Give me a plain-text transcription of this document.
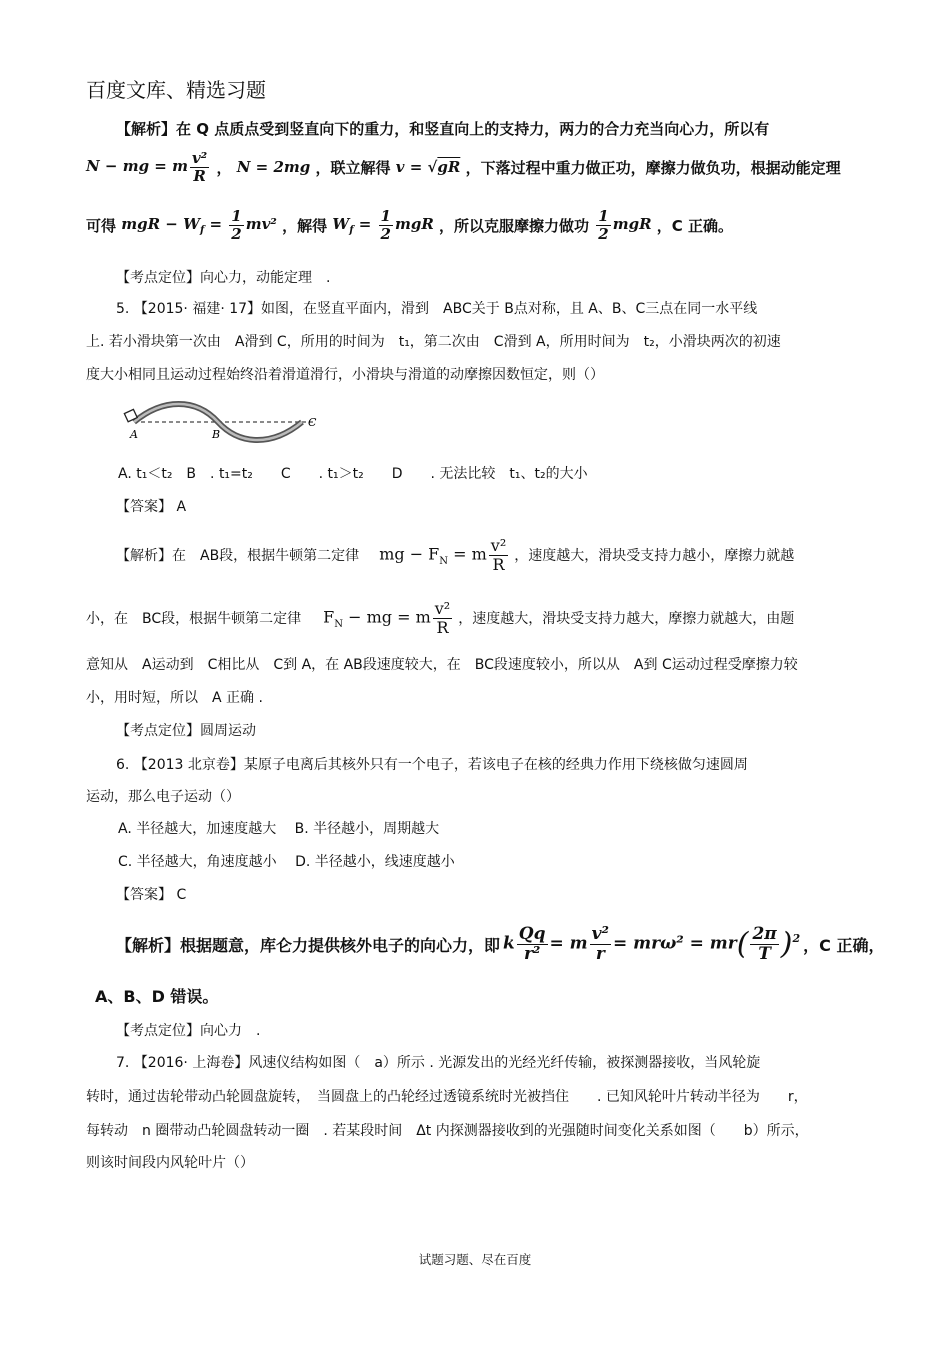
百度文库、精选习题
【解析】在 Q 点质点受到竖直向下的重力，和竖直向上的支持力，两力的合力充当向心力，所以有
N − mg = m $\frac{\text{v²}}{R}$ ， N = 2mg ，联立解得 v = √gR ，下落过程中重力做正功，摩擦力做负功，根据动能定理
可得 mgR − $W_f = \frac{1}{2} mv^2$ ，解得 $W_f = \frac{1}{2}$ mgR ，所以克服摩擦力做功 $\frac{1}{2}$ mgR ，C 正确。
【考点定位】向心力，动能定理　.
5. 【2015· 福建· 17】如图，在竖直平面内，滑到　ABC关于 B点对称，且 A、B、C三点在同一水平线
上. 若小滑块第一次由　A滑到 C，所用的时间为　t₁，第二次由　C滑到 A，所用时间为　t₂，小滑块两次的初速
度大小相同且运动过程始终沿着滑道滑行，小滑块与滑道的动摩擦因数恒定，则（）
A	B
C
A. t₁＜t₂　B　. t₁=t₂　　C　　. t₁＞t₂　　D　　. 无法比较　t₁、t₂的大小
【答案】 A
【解析】在　AB段，根据牛顿第二定律 mg − $F_N = m \frac{\text{v²}}{R}$ ，速度越大，滑块受支持力越小，摩擦力就越
小，在　BC段，根据牛顿第二定律 $F_N$ − mg = m $\frac{\text{v²}}{R}$ ，速度越大，滑块受支持力越大，摩擦力就越大，由题
意知从　A运动到　C相比从　C到 A，在 AB段速度较大，在　BC段速度较小，所以从　A到 C运动过程受摩擦力较
小，用时短，所以　A 正确 .
【考点定位】圆周运动
6. 【2013 北京卷】某原子电离后其核外只有一个电子，若该电子在核的经典力作用下绕核做匀速圆周
运动，那么电子运动（）
A. 半径越大，加速度越大　 B. 半径越小，周期越大
C. 半径越大，角速度越小　 D. 半径越小，线速度越小
【答案】 C
【解析】根据题意，库仑力提供核外电子的向心力，即 k $\frac{Qq}{\text{r²}} = m \frac{\text{v²}}{r} = mr\omega^2 = mr( \frac{2\pi}{T} )^2$ ，C 正确，
A、B、D 错误。
【考点定位】向心力　.
7. 【2016· 上海卷】风速仪结构如图（　a）所示 . 光源发出的光经光纤传输，被探测器接收，当风轮旋
转时，通过齿轮带动凸轮圆盘旋转，　当圆盘上的凸轮经过透镜系统时光被挡住　　. 已知风轮叶片转动半径为　　r，
每转动　n 圈带动凸轮圆盘转动一圈　. 若某段时间　Δt 内探测器接收到的光强随时间变化关系如图（　　b）所示，
则该时间段内风轮叶片（）
试题习题、尽在百度
